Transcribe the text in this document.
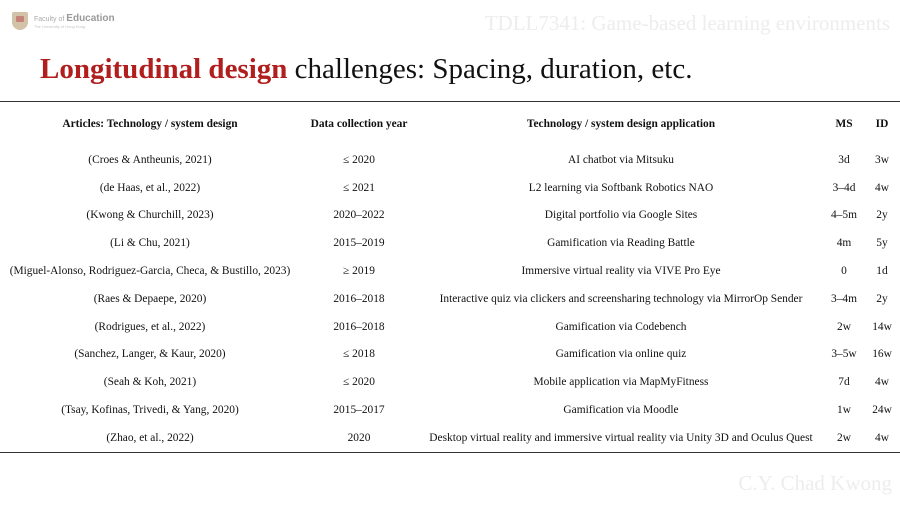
Faculty of Education
The University of Hong Kong	TDLL7341: Game-based learning environments
Longitudinal design challenges: Spacing, duration, etc.
Articles: Technology / system design	Data collection year	Technology / system design application	MS	ID
(Croes & Antheunis, 2021)	≤ 2020	AI chatbot via Mitsuku	3d	3w
(de Haas, et al., 2022)	≤ 2021	L2 learning via Softbank Robotics NAO	3–4d	4w
(Kwong & Churchill, 2023)	2020–2022	Digital portfolio via Google Sites	4–5m	2y
(Li & Chu, 2021)	2015–2019	Gamification via Reading Battle	4m	5y
(Miguel-Alonso, Rodriguez-Garcia, Checa, & Bustillo, 2023)	≥ 2019	Immersive virtual reality via VIVE Pro Eye	0	1d
(Raes & Depaepe, 2020)	2016–2018	Interactive quiz via clickers and screensharing technology via MirrorOp Sender	3–4m	2y
(Rodrigues, et al., 2022)	2016–2018	Gamification via Codebench	2w	14w
(Sanchez, Langer, & Kaur, 2020)	≤ 2018	Gamification via online quiz	3–5w	16w
(Seah & Koh, 2021)	≤ 2020	Mobile application via MapMyFitness	7d	4w
(Tsay, Kofinas, Trivedi, & Yang, 2020)	2015–2017	Gamification via Moodle	1w	24w
(Zhao, et al., 2022)	2020	Desktop virtual reality and immersive virtual reality via Unity 3D and Oculus Quest	2w	4w
C.Y. Chad Kwong
